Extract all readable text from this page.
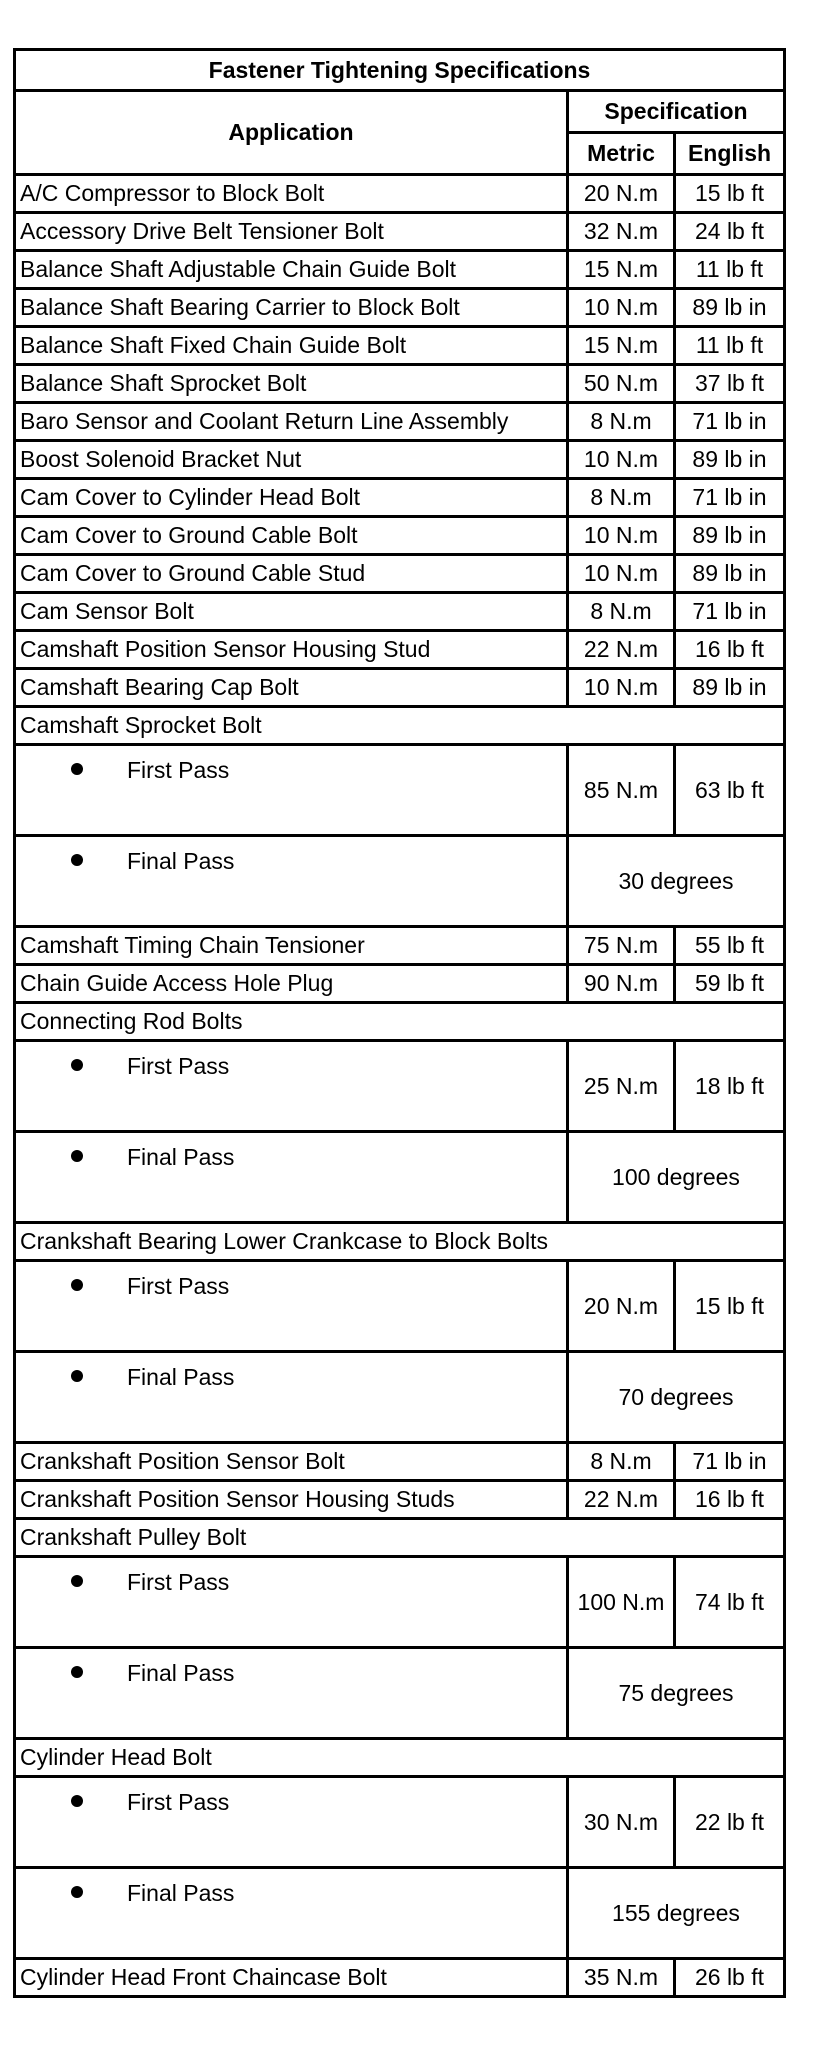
Fastener Tightening Specifications		
Application	Specification	
	Metric	English
A/C Compressor to Block Bolt	20 N.m	15 lb ft
Accessory Drive Belt Tensioner Bolt	32 N.m	24 lb ft
Balance Shaft Adjustable Chain Guide Bolt	15 N.m	11 lb ft
Balance Shaft Bearing Carrier to Block Bolt	10 N.m	89 lb in
Balance Shaft Fixed Chain Guide Bolt	15 N.m	11 lb ft
Balance Shaft Sprocket Bolt	50 N.m	37 lb ft
Baro Sensor and Coolant Return Line Assembly	8 N.m	71 lb in
Boost Solenoid Bracket Nut	10 N.m	89 lb in
Cam Cover to Cylinder Head Bolt	8 N.m	71 lb in
Cam Cover to Ground Cable Bolt	10 N.m	89 lb in
Cam Cover to Ground Cable Stud	10 N.m	89 lb in
Cam Sensor Bolt	8 N.m	71 lb in
Camshaft Position Sensor Housing Stud	22 N.m	16 lb ft
Camshaft Bearing Cap Bolt	10 N.m	89 lb in
Camshaft Sprocket Bolt		
First Pass	85 N.m	63 lb ft
Final Pass	30 degrees	
Camshaft Timing Chain Tensioner	75 N.m	55 lb ft
Chain Guide Access Hole Plug	90 N.m	59 lb ft
Connecting Rod Bolts		
First Pass	25 N.m	18 lb ft
Final Pass	100 degrees	
Crankshaft Bearing Lower Crankcase to Block Bolts		
First Pass	20 N.m	15 lb ft
Final Pass	70 degrees	
Crankshaft Position Sensor Bolt	8 N.m	71 lb in
Crankshaft Position Sensor Housing Studs	22 N.m	16 lb ft
Crankshaft Pulley Bolt		
First Pass	100 N.m	74 lb ft
Final Pass	75 degrees	
Cylinder Head Bolt		
First Pass	30 N.m	22 lb ft
Final Pass	155 degrees	
Cylinder Head Front Chaincase Bolt	35 N.m	26 lb ft
